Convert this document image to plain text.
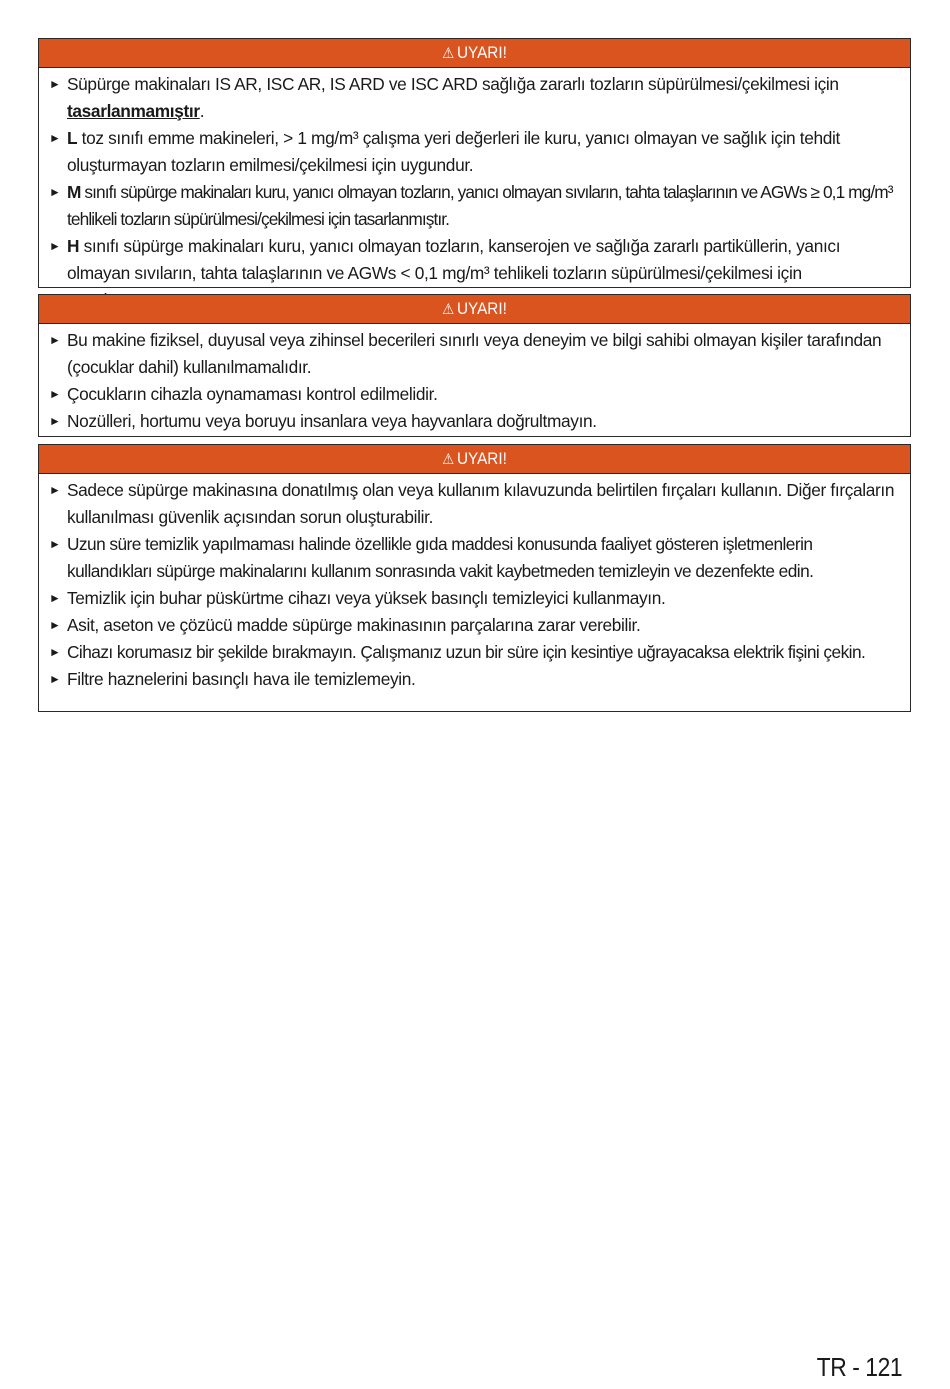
⚠ UYARI!
► Süpürge makinaları IS AR, ISC AR, IS ARD ve ISC ARD sağlığa zararlı tozların süpürülmesi/çekilmesi için
tasarlanmamıştır.
► L toz sınıfı emme makineleri, > 1 mg/m³ çalışma yeri değerleri ile kuru, yanıcı olmayan ve sağlık için tehdit oluşturmayan tozların emilmesi/çekilmesi için uygundur.
► M sınıfı süpürge makinaları kuru, yanıcı olmayan tozların, yanıcı olmayan sıvıların, tahta talaşlarının ve AGWs ≥ 0,1 mg/m³ tehlikeli tozların süpürülmesi/çekilmesi için tasarlanmıştır.
► H sınıfı süpürge makinaları kuru, yanıcı olmayan tozların, kanserojen ve sağlığa zararlı partiküllerin, yanıcı olmayan sıvıların, tahta talaşlarının ve AGWs < 0,1 mg/m³ tehlikeli tozların süpürülmesi/çekilmesi için
⚠ UYARI!
► Bu makine fiziksel, duyusal veya zihinsel becerileri sınırlı veya deneyim ve bilgi sahibi olmayan kişiler tarafından (çocuklar dahil) kullanılmamalıdır.
► Çocukların cihazla oynamaması kontrol edilmelidir.
► Nozülleri, hortumu veya boruyu insanlara veya hayvanlara doğrultmayın.
⚠ UYARI!
► Sadece süpürge makinasına donatılmış olan veya kullanım kılavuzunda belirtilen fırçaları kullanın. Diğer fırçaların kullanılması güvenlik açısından sorun oluşturabilir.
► Uzun süre temizlik yapılmaması halinde özellikle gıda maddesi konusunda faaliyet gösteren işletmenlerin kullandıkları süpürge makinalarını kullanım sonrasında vakit kaybetmeden temizleyin ve dezenfekte edin.
► Temizlik için buhar püskürtme cihazı veya yüksek basınçlı temizleyici kullanmayın.
► Asit, aseton ve çözücü madde süpürge makinasının parçalarına zarar verebilir.
► Cihazı korumasız bir şekilde bırakmayın. Çalışmanız uzun bir süre için kesintiye uğrayacaksa elektrik fişini çekin.
► Filtre haznelerini basınçlı hava ile temizlemeyin.
TR - 121
